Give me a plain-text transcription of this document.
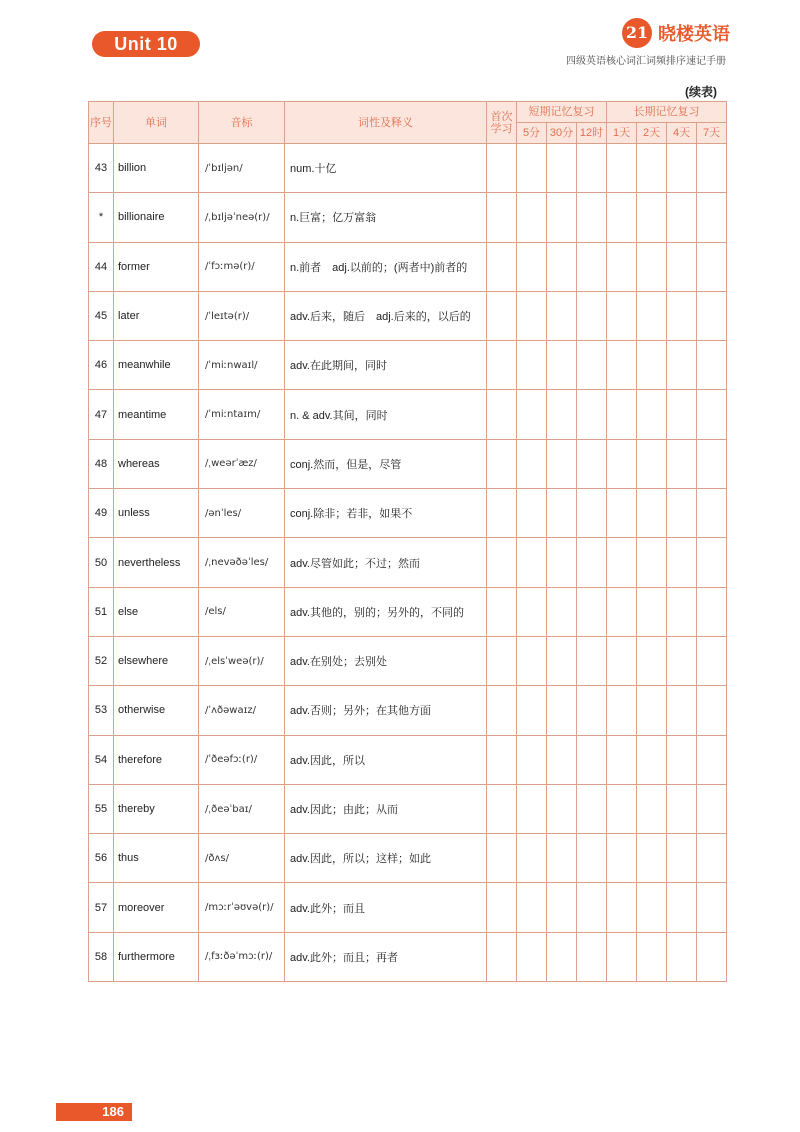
Unit 10
21 晓楼英语
四级英语核心词汇词频排序速记手册
(续表)
序号	单词	音标	词性及释义	首次学习	短期记忆复习			长期记忆复习			
					5分	30分	12时	1天	2天	4天	7天
43	billion	/ˈbɪljən/	num.十亿								
*	billionaire	/ˌbɪljəˈneə(r)/	n.巨富；亿万富翁								
44	former	/ˈfɔːmə(r)/	n.前者　adj.以前的；(两者中)前者的								
45	later	/ˈleɪtə(r)/	adv.后来，随后　adj.后来的，以后的								
46	meanwhile	/ˈmiːnwaɪl/	adv.在此期间，同时								
47	meantime	/ˈmiːntaɪm/	n. & adv.其间，同时								
48	whereas	/ˌweərˈæz/	conj.然而，但是，尽管								
49	unless	/ənˈles/	conj.除非；若非，如果不								
50	nevertheless	/ˌnevəðəˈles/	adv.尽管如此；不过；然而								
51	else	/els/	adv.其他的，别的；另外的，不同的								
52	elsewhere	/ˌelsˈweə(r)/	adv.在别处；去别处								
53	otherwise	/ˈʌðəwaɪz/	adv.否则；另外；在其他方面								
54	therefore	/ˈðeəfɔː(r)/	adv.因此，所以								
55	thereby	/ˌðeəˈbaɪ/	adv.因此；由此；从而								
56	thus	/ðʌs/	adv.因此，所以；这样；如此								
57	moreover	/mɔːrˈəʊvə(r)/	adv.此外；而且								
58	furthermore	/ˌfɜːðəˈmɔː(r)/	adv.此外；而且；再者								
186
